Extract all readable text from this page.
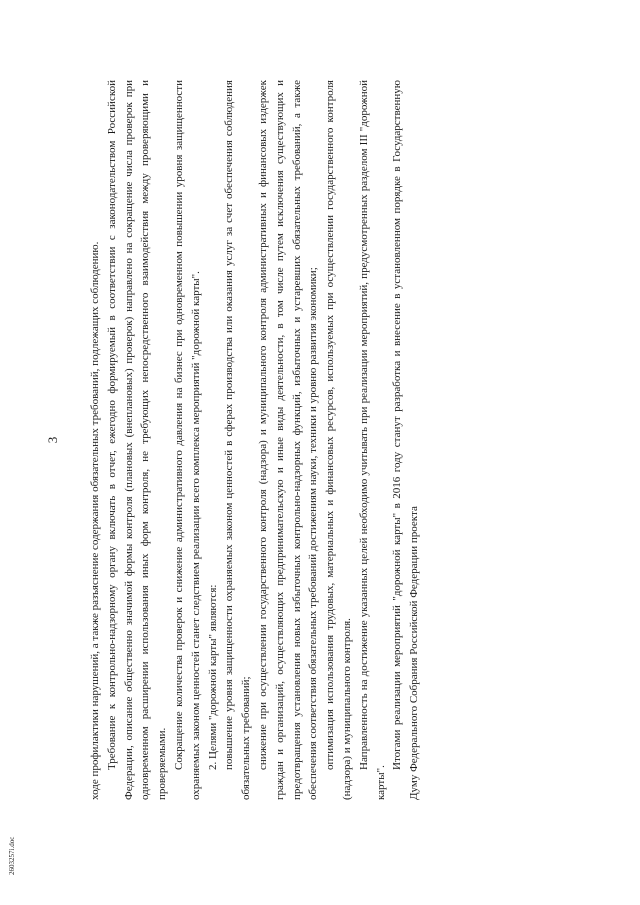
3	ходе профилактики нарушений, а также разъяснение содержания обязательных требований, подлежащих соблюдению. Требование к контрольно-надзорному органу включать в отчет, ежегодно формируемый в соответствии с законодательством Российской Федерации, описание общественно значимой формы контроля (плановых (внеплановых) проверок) направлено на сокращение числа проверок при одновременном расширении использования иных форм контроля, не требующих непосредственного взаимодействия между проверяющими и проверяемыми. Сокращение количества проверок и снижение административного давления на бизнес при одновременном повышении уровня защищенности охраняемых законом ценностей станет следствием реализации всего комплекса мероприятий "дорожной карты". 2. Целями "дорожной карты" являются: повышение уровня защищенности охраняемых законом ценностей в сферах производства или оказания услуг за счет обеспечения соблюдения обязательных требований; снижение при осуществлении государственного контроля (надзора) и муниципального контроля административных и финансовых издержек граждан и организаций, осуществляющих предпринимательскую и иные виды деятельности, в том числе путем исключения существующих и предотвращения установления новых избыточных контрольно-надзорных функций, избыточных и устаревших обязательных требований, а также обеспечения соответствия обязательных требований достижениям науки, техники и уровню развития экономики; оптимизация использования трудовых, материальных и финансовых ресурсов, используемых при осуществлении государственного контроля (надзора) и муниципального контроля. Направленность на достижение указанных целей необходимо учитывать при реализации мероприятий, предусмотренных разделом III "дорожной карты".

Итогами реализации мероприятий "дорожной карты" в 2016 году станут разработка и внесение в установленном порядке в Государственную Думу Федерального Собрания Российской Федерации проекта

2603257i.doc
